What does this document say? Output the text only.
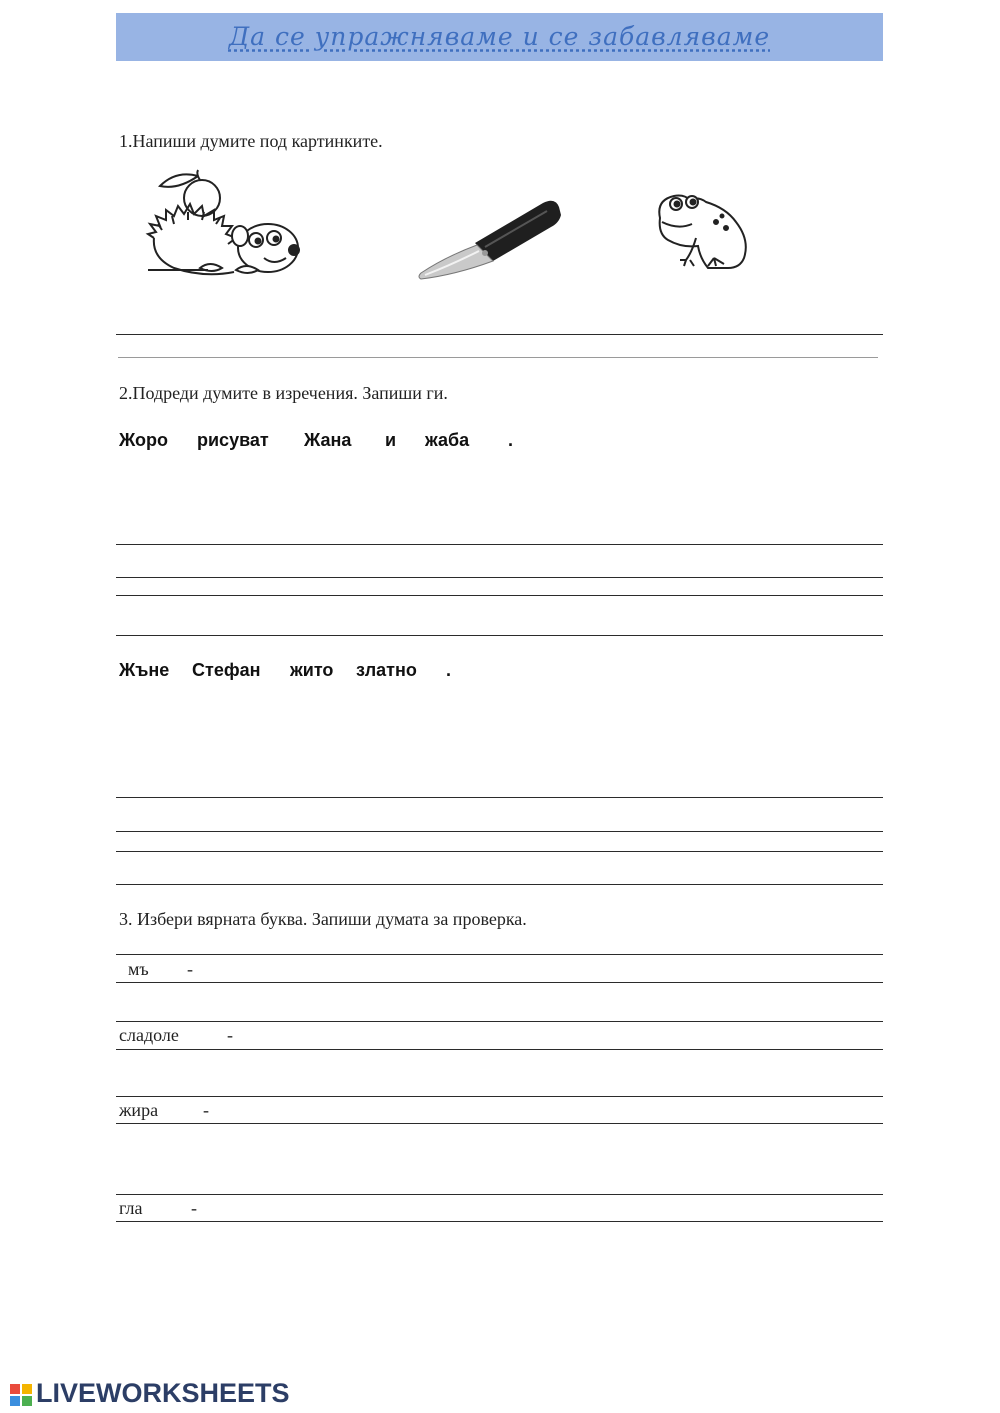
Да се упражняваме и се забавляваме
1.Напиши думите под картинките.
2.Подреди думите в изречения. Запиши ги.

Жоро

рисуват

Жана

и

жаба

.

Жъне

Стефан

жито

златно

.

3. Избери вярната буква. Запиши думата за проверка.
мъ -
сладоле	-
жира -
гла	-
LIVEWORKSHEETS
